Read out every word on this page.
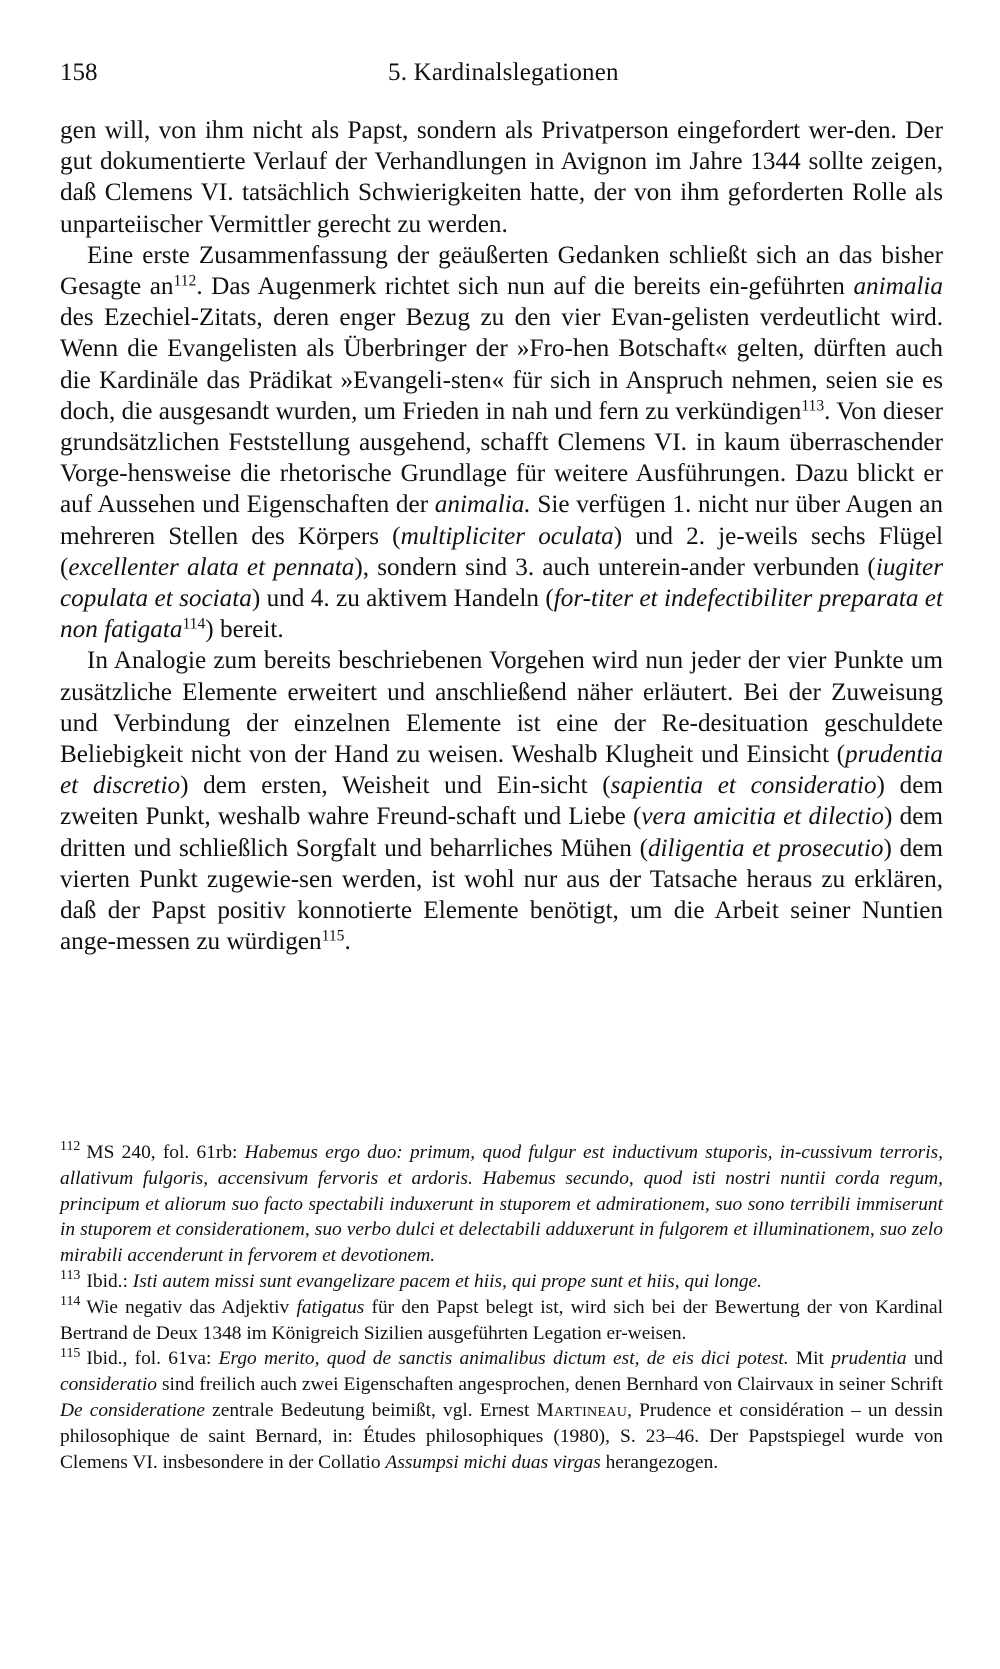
158	5. Kardinalslegationen

gen will, von ihm nicht als Papst, sondern als Privatperson eingefordert wer-den. Der gut dokumentierte Verlauf der Verhandlungen in Avignon im Jahre 1344 sollte zeigen, daß Clemens VI. tatsächlich Schwierigkeiten hatte, der von ihm geforderten Rolle als unparteiischer Vermittler gerecht zu werden.

Eine erste Zusammenfassung der geäußerten Gedanken schließt sich an das bisher Gesagte $an^{112}$. Das Augenmerk richtet sich nun auf die bereits ein-geführten animalia des Ezechiel-Zitats, deren enger Bezug zu den vier Evan-gelisten verdeutlicht wird. Wenn die Evangelisten als Überbringer der »Fro-hen Botschaft« gelten, dürften auch die Kardinäle das Prädikat »Evangeli-sten« für sich in Anspruch nehmen, seien sie es doch, die ausgesandt wurden, um Frieden in nah und fern zu verkündigen$^{113}$. Von dieser grundsätzlichen Feststellung ausgehend, schafft Clemens VI. in kaum überraschender Vorge-hensweise die rhetorische Grundlage für weitere Ausführungen. Dazu blickt er auf Aussehen und Eigenschaften der animalia. Sie verfügen 1. nicht nur über Augen an mehreren Stellen des Körpers (multipliciter oculata) und 2. je-weils sechs Flügel (excellenter alata et pennata), sondern sind 3. auch unterein-ander verbunden (iugiter copulata et sociata) und 4. zu aktivem Handeln (for-titer et indefectibiliter preparata et non fatigata$^{114}$) bereit.

In Analogie zum bereits beschriebenen Vorgehen wird nun jeder der vier Punkte um zusätzliche Elemente erweitert und anschließend näher erläutert. Bei der Zuweisung und Verbindung der einzelnen Elemente ist eine der Re-desituation geschuldete Beliebigkeit nicht von der Hand zu weisen. Weshalb Klugheit und Einsicht (prudentia et discretio) dem ersten, Weisheit und Ein-sicht (sapientia et consideratio) dem zweiten Punkt, weshalb wahre Freund-schaft und Liebe (vera amicitia et dilectio) dem dritten und schließlich Sorgfalt und beharrliches Mühen (diligentia et prosecutio) dem vierten Punkt zugewie-sen werden, ist wohl nur aus der Tatsache heraus zu erklären, daß der Papst positiv konnotierte Elemente benötigt, um die Arbeit seiner Nuntien ange-messen zu würdigen$^{115}$.

$^{112}$ MS 240, fol. 61rb: Habemus ergo duo: primum, quod fulgur est inductivum stuporis, in-cussivum terroris, allativum fulgoris, accensivum fervoris et ardoris. Habemus secundo, quod isti nostri nuntii corda regum, principum et aliorum suo facto spectabili induxerunt in stuporem et admirationem, suo sono terribili immiserunt in stuporem et considerationem, suo verbo dulci et delectabili adduxerunt in fulgorem et illuminationem, suo zelo mirabili accenderunt in fervorem et devotionem.

$^{113}$ Ibid.: Isti autem missi sunt evangelizare pacem et hiis, qui prope sunt et hiis, qui longe.

$^{114}$ Wie negativ das Adjektiv fatigatus für den Papst belegt ist, wird sich bei der Bewertung der von Kardinal Bertrand de Deux 1348 im Königreich Sizilien ausgeführten Legation er-weisen.

$^{115}$ Ibid., fol. 61va: Ergo merito, quod de sanctis animalibus dictum est, de eis dici potest. Mit prudentia und consideratio sind freilich auch zwei Eigenschaften angesprochen, denen Bernhard von Clairvaux in seiner Schrift De consideratione zentrale Bedeutung beimißt, vgl. Ernest Martineau, Prudence et considération – un dessin philosophique de saint Bernard, in: Études philosophiques (1980), S. 23–46. Der Papstspiegel wurde von Clemens VI. insbesondere in der Collatio Assumpsi michi duas virgas herangezogen.
